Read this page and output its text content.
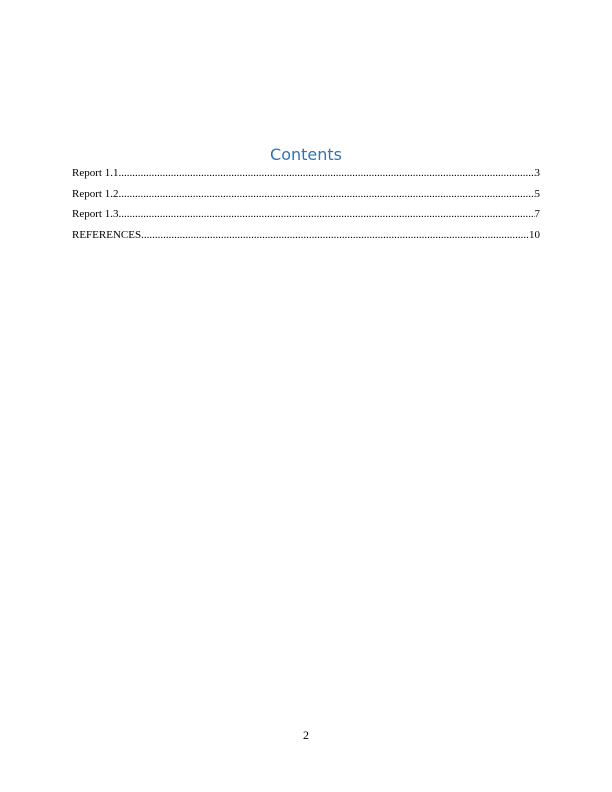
Contents
Report 1.1 .....	3
Report 1.2 .....	5
Report 1.3 .....	7
REFERENCES .....	10
2
